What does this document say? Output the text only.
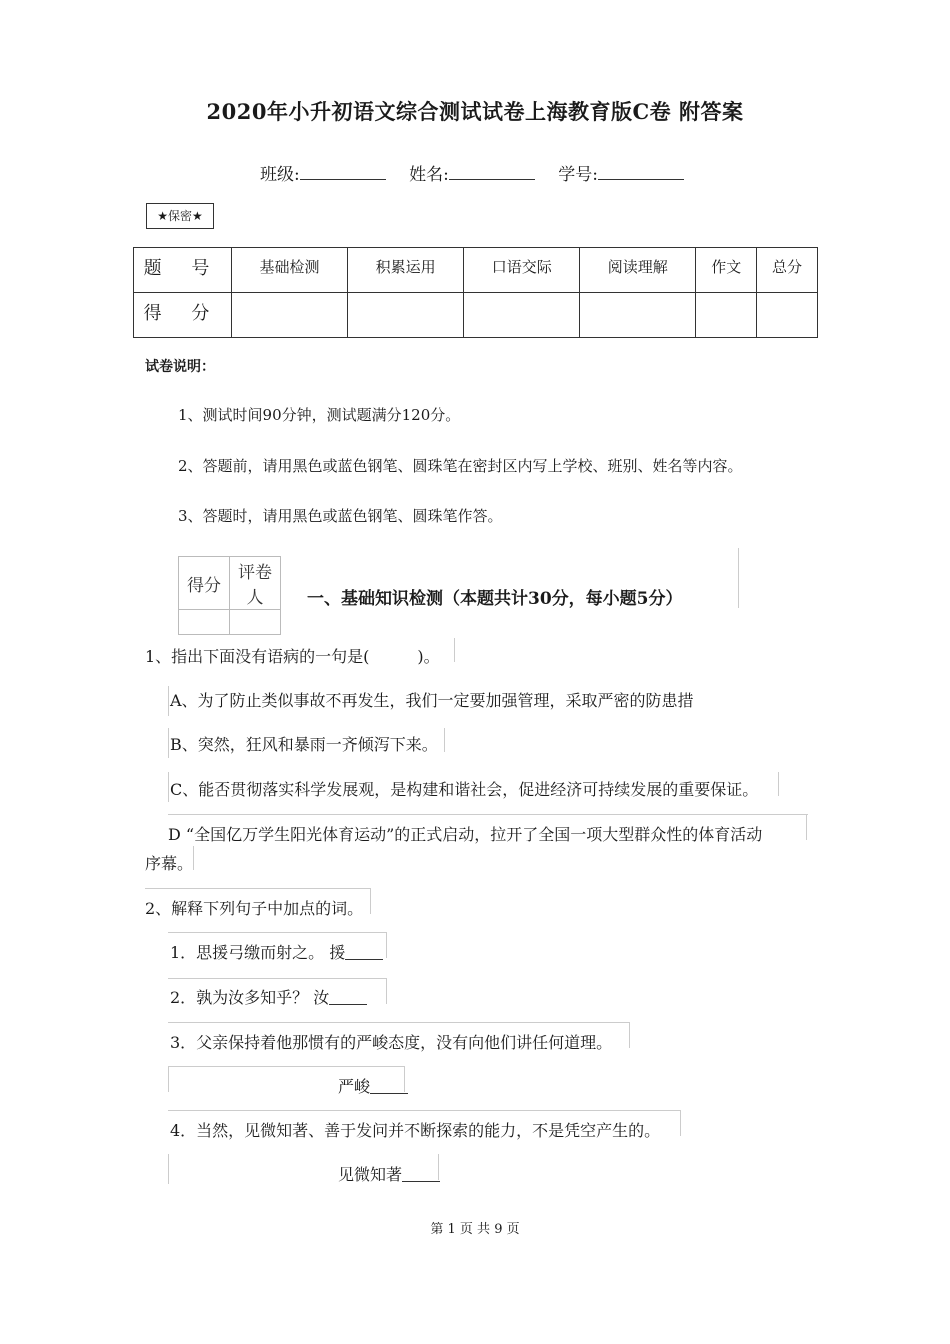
2020年小升初语文综合测试试卷上海教育版C卷 附答案
班级:	姓名:	学号:
★保密★
题 号	基础检测	积累运用	口语交际	阅读理解	作文	总分
得 分						
试卷说明：
1、测试时间90分钟，测试题满分120分。
2、答题前，请用黑色或蓝色钢笔、圆珠笔在密封区内写上学校、班别、姓名等内容。
3、答题时，请用黑色或蓝色钢笔、圆珠笔作答。
得分	评卷人
		一、基础知识检测（本题共计30分，每小题5分）
1、指出下面没有语病的一句是(　　　)。
A、为了防止类似事故不再发生，我们一定要加强管理，采取严密的防患措
B、突然，狂风和暴雨一齐倾泻下来。
C、能否贯彻落实科学发展观，是构建和谐社会，促进经济可持续发展的重要保证。
D “全国亿万学生阳光体育运动”的正式启动，拉开了全国一项大型群众性的体育活动
序幕。
2、解释下列句子中加点的词。
1．思援弓缴而射之。 援
2．孰为汝多知乎？ 汝
3．父亲保持着他那惯有的严峻态度，没有向他们讲任何道理。
严峻
4．当然，见微知著、善于发问并不断探索的能力，不是凭空产生的。
见微知著
第 1 页 共 9 页
